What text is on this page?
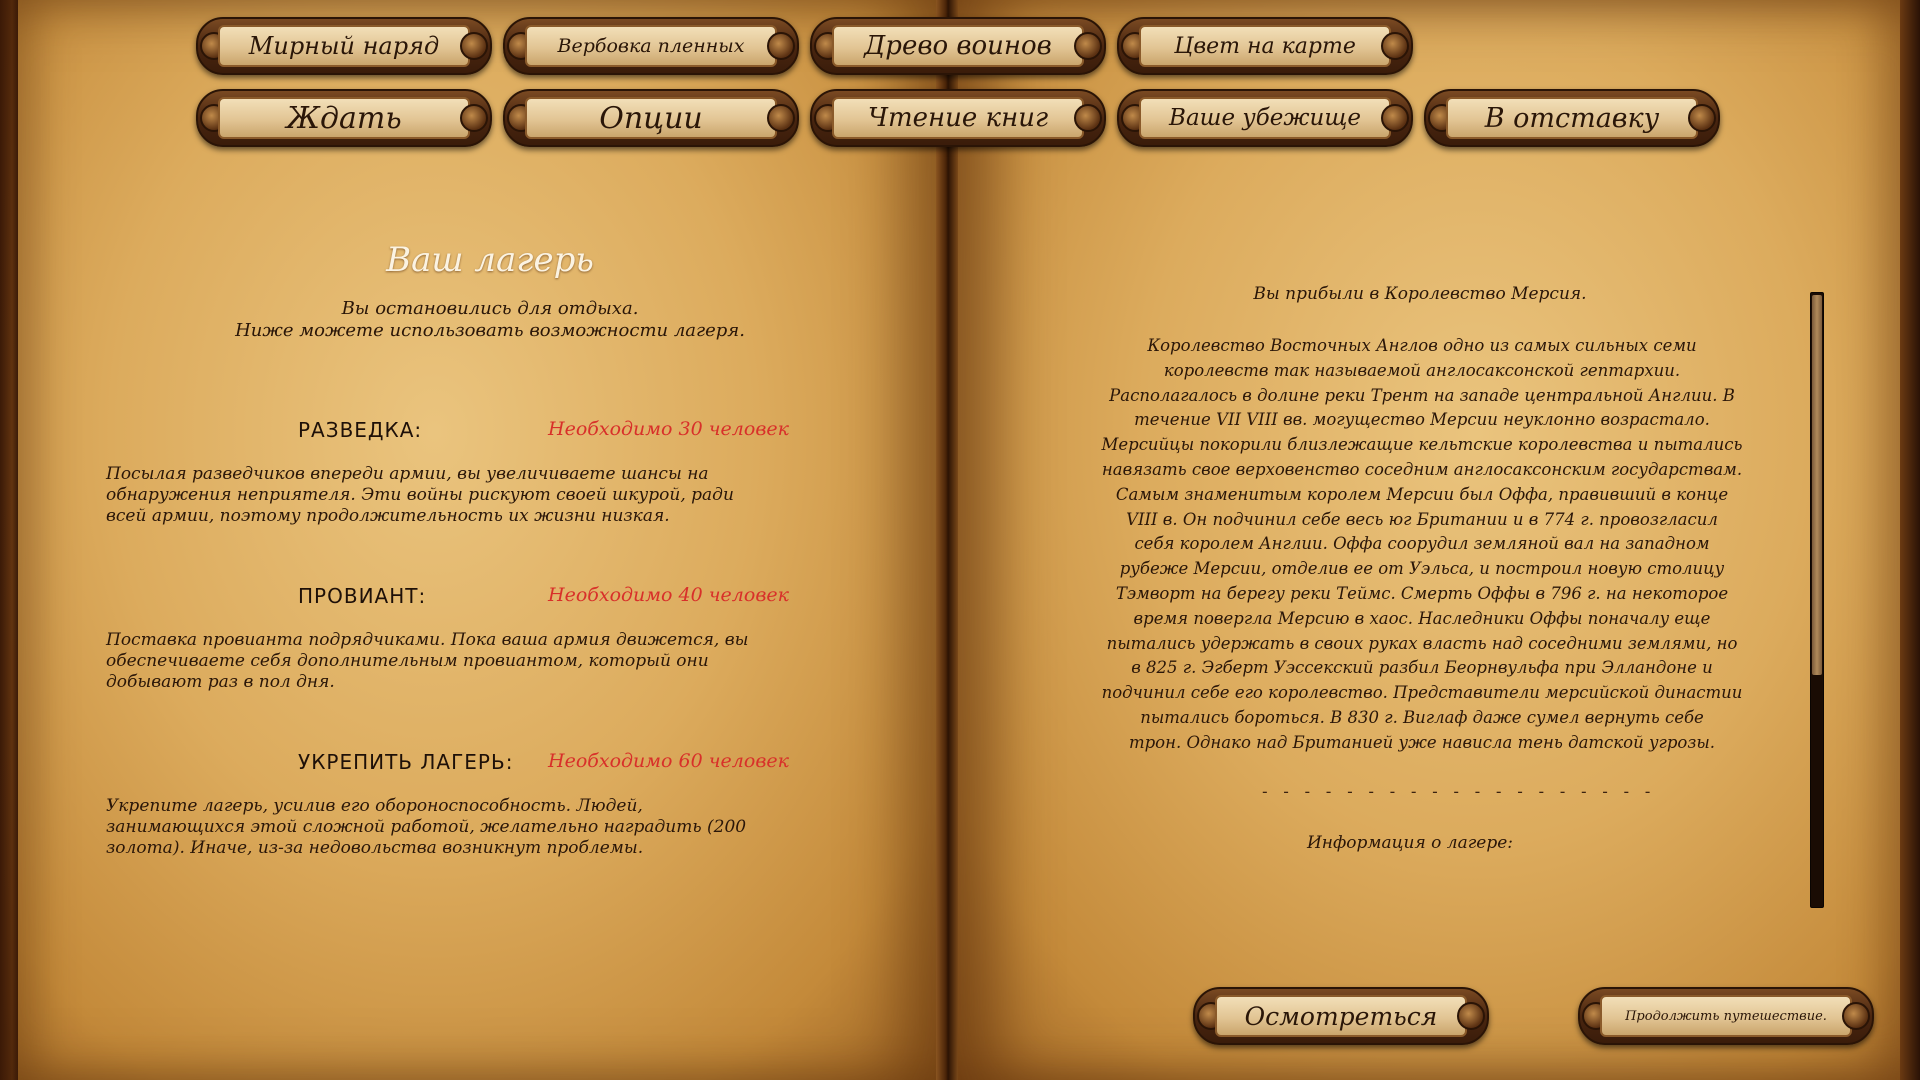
Мирный наряд	Вербовка пленных	Древо воинов	Цвет на карте
Ждать	Опции	Чтение книг	Ваше убежище	В отставку
Ваш лагерь
Вы остановились для отдыха.
Ниже можете использовать возможности лагеря.
РАЗВЕДКА:	Необходимо 30 человек
Посылая разведчиков впереди армии, вы увеличиваете шансы на
обнаружения неприятеля. Эти войны рискуют своей шкурой, ради
всей армии, поэтому продолжительность их жизни низкая.
ПРОВИАНТ:	Необходимо 40 человек
Поставка провианта подрядчиками. Пока ваша армия движется, вы
обеспечиваете себя дополнительным провиантом, который они
добывают раз в пол дня.
УКРЕПИТЬ ЛАГЕРЬ: Необходимо 60 человек
Укрепите лагерь, усилив его обороноспособность. Людей,
занимающихся этой сложной работой, желательно наградить (200
золота). Иначе, из-за недовольства возникнут проблемы.
Вы прибыли в Королевство Мерсия.
Королевство Восточных Англов одно из самых сильных семи
королевств так называемой англосаксонской гептархии.
Располагалось в долине реки Трент на западе центральной Англии. В
течение VII VIII вв. могущество Мерсии неуклонно возрастало.
Мерсийцы покорили близлежащие кельтские королевства и пытались
навязать свое верховенство соседним англосаксонским государствам.
Самым знаменитым королем Мерсии был Оффа, правивший в конце
VIII в. Он подчинил себе весь юг Британии и в 774 г. провозгласил
себя королем Англии. Оффа соорудил земляной вал на западном
рубеже Мерсии, отделив ее от Уэльса, и построил новую столицу
Тэмворт на берегу реки Теймс. Смерть Оффы в 796 г. на некоторое
время повергла Мерсию в хаос. Наследники Оффы поначалу еще
пытались удержать в своих руках власть над соседними землями, но
в 825 г. Эгберт Уэссекский разбил Беорнвульфа при Элландоне и
подчинил себе его королевство. Представители мерсийской династии
пытались бороться. В 830 г. Виглаф даже сумел вернуть себе
трон. Однако над Британией уже нависла тень датской угрозы.
- - - - - - - - - - - - - - - - - - -
Информация о лагере:
Осмотреться	Продолжить путешествие.
